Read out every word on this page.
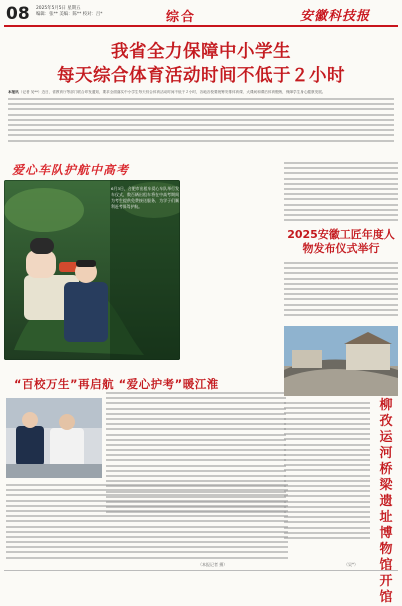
08 2025年5月5日 星期五
编辑：张** 美编：陈** 校对：吕*	综合	安徽科技报
我省全力保障中小学生
每天综合体育活动时间不低于２小时
本报讯（记者 吴**）近日，省教育厅等部门联合印发通知，要求全面落实中小学生每天综合体育活动时间不低于２小时，各地各校要统筹安排体育课、大课间和课后体育锻炼，保障学生身心健康发展。
爱心车队护航中高考
6月3日，合肥市出租车爱心车队举行发车仪式，数百辆出租车将在中高考期间为考生提供免费接送服务，为学子们顺利赶考保驾护航。
“百校万生”再启航 “爱心护考”暖江淮
2025安徽工匠年度人物发布仪式举行
柳孜运河桥梁遗址博物馆开馆
（本报记者 摄）	（吴*）
